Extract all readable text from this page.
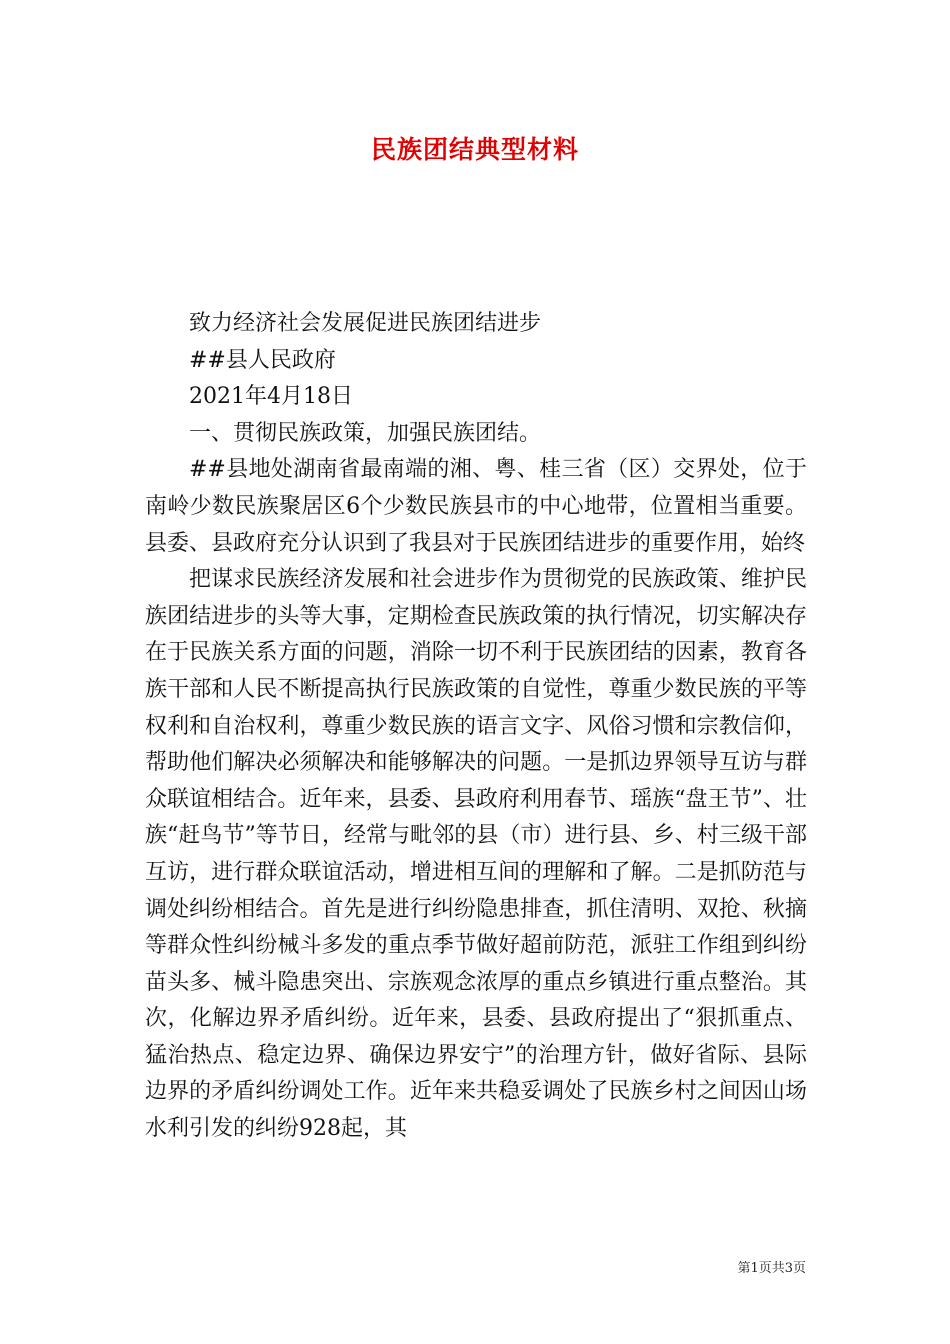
民族团结典型材料

致力经济社会发展促进民族团结进步

##县人民政府

2021年4月18日

一、贯彻民族政策，加强民族团结。

##县地处湖南省最南端的湘、粤、桂三省（区）交界处，位于南岭少数民族聚居区6个少数民族县市的中心地带，位置相当重要。县委、县政府充分认识到了我县对于民族团结进步的重要作用，始终

把谋求民族经济发展和社会进步作为贯彻党的民族政策、维护民族团结进步的头等大事，定期检查民族政策的执行情况，切实解决存在于民族关系方面的问题，消除一切不利于民族团结的因素，教育各族干部和人民不断提高执行民族政策的自觉性，尊重少数民族的平等权利和自治权利，尊重少数民族的语言文字、风俗习惯和宗教信仰，帮助他们解决必须解决和能够解决的问题。一是抓边界领导互访与群众联谊相结合。近年来，县委、县政府利用春节、瑶族“盘王节”、壮族“赶鸟节”等节日，经常与毗邻的县（市）进行县、乡、村三级干部互访，进行群众联谊活动，增进相互间的理解和了解。二是抓防范与调处纠纷相结合。首先是进行纠纷隐患排查，抓住清明、双抢、秋摘等群众性纠纷械斗多发的重点季节做好超前防范，派驻工作组到纠纷苗头多、械斗隐患突出、宗族观念浓厚的重点乡镇进行重点整治。其次，化解边界矛盾纠纷。近年来，县委、县政府提出了“狠抓重点、猛治热点、稳定边界、确保边界安宁”的治理方针，做好省际、县际边界的矛盾纠纷调处工作。近年来共稳妥调处了民族乡村之间因山场水利引发的纠纷928起，其

第1页共3页
